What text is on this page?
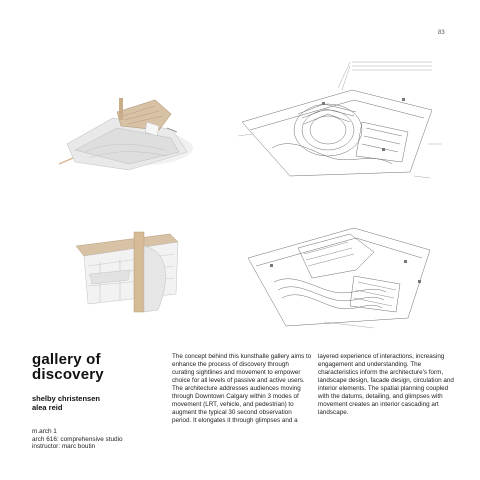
83
gallery of
discovery
shelby christensen
alea reid
m.arch 1
arch 616: comprehensive studio
instructor: marc boutin
The concept behind this kunsthalle gallery aims to enhance the process of discovery through curating sightlines and movement to empower choice for all levels of passive and active users. The architecture addresses audiences moving through Downtown Calgary within 3 modes of movement (LRT, vehicle, and pedestrian) to augment the typical 30 second observation period. It elongates it through glimpses and a
layered experience of interactions, increasing engagement and understanding. The characteristics inform the architecture's form, landscape design, facade design, circulation and interior elements. The spatial planning coupled with the datums, detailing, and glimpses with movement creates an interior cascading art landscape.
